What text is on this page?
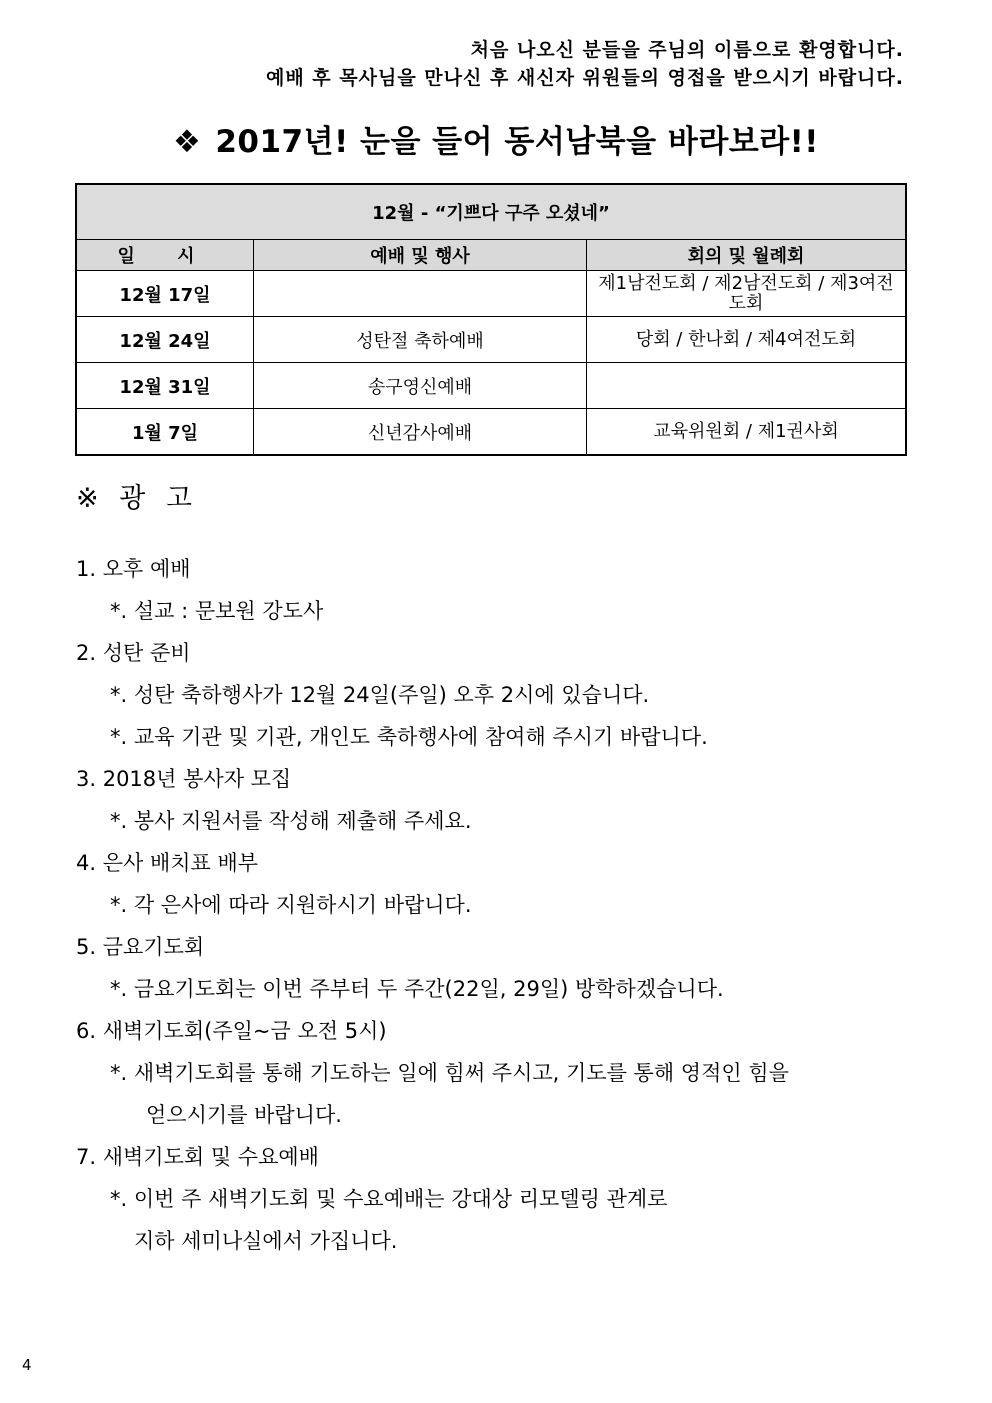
처음 나오신 분들을 주님의 이름으로 환영합니다.
예배 후 목사님을 만나신 후 새신자 위원들의 영접을 받으시기 바랍니다.
❖ 2017년! 눈을 들어 동서남북을 바라보라!!
12월 - “기쁘다 구주 오셨네”		
일 시	예배 및 행사	회의 및 월례회
12월 17일		제1남전도회 / 제2남전도회 / 제3여전도회
12월 24일	성탄절 축하예배	당회 / 한나회 / 제4여전도회
12월 31일	송구영신예배	
1월 7일	신년감사예배	교육위원회 / 제1권사회
※ 광 고
1. 오후 예배
*. 설교 : 문보원 강도사
2. 성탄 준비
*. 성탄 축하행사가 12월 24일(주일) 오후 2시에 있습니다.
*. 교육 기관 및 기관, 개인도 축하행사에 참여해 주시기 바랍니다.
3. 2018년 봉사자 모집
*. 봉사 지원서를 작성해 제출해 주세요.
4. 은사 배치표 배부
*. 각 은사에 따라 지원하시기 바랍니다.
5. 금요기도회
*. 금요기도회는 이번 주부터 두 주간(22일, 29일) 방학하겠습니다.
6. 새벽기도회(주일~금 오전 5시)
*. 새벽기도회를 통해 기도하는 일에 힘써 주시고, 기도를 통해 영적인 힘을
얻으시기를 바랍니다.
7. 새벽기도회 및 수요예배
*. 이번 주 새벽기도회 및 수요예배는 강대상 리모델링 관계로
지하 세미나실에서 가집니다.
4
